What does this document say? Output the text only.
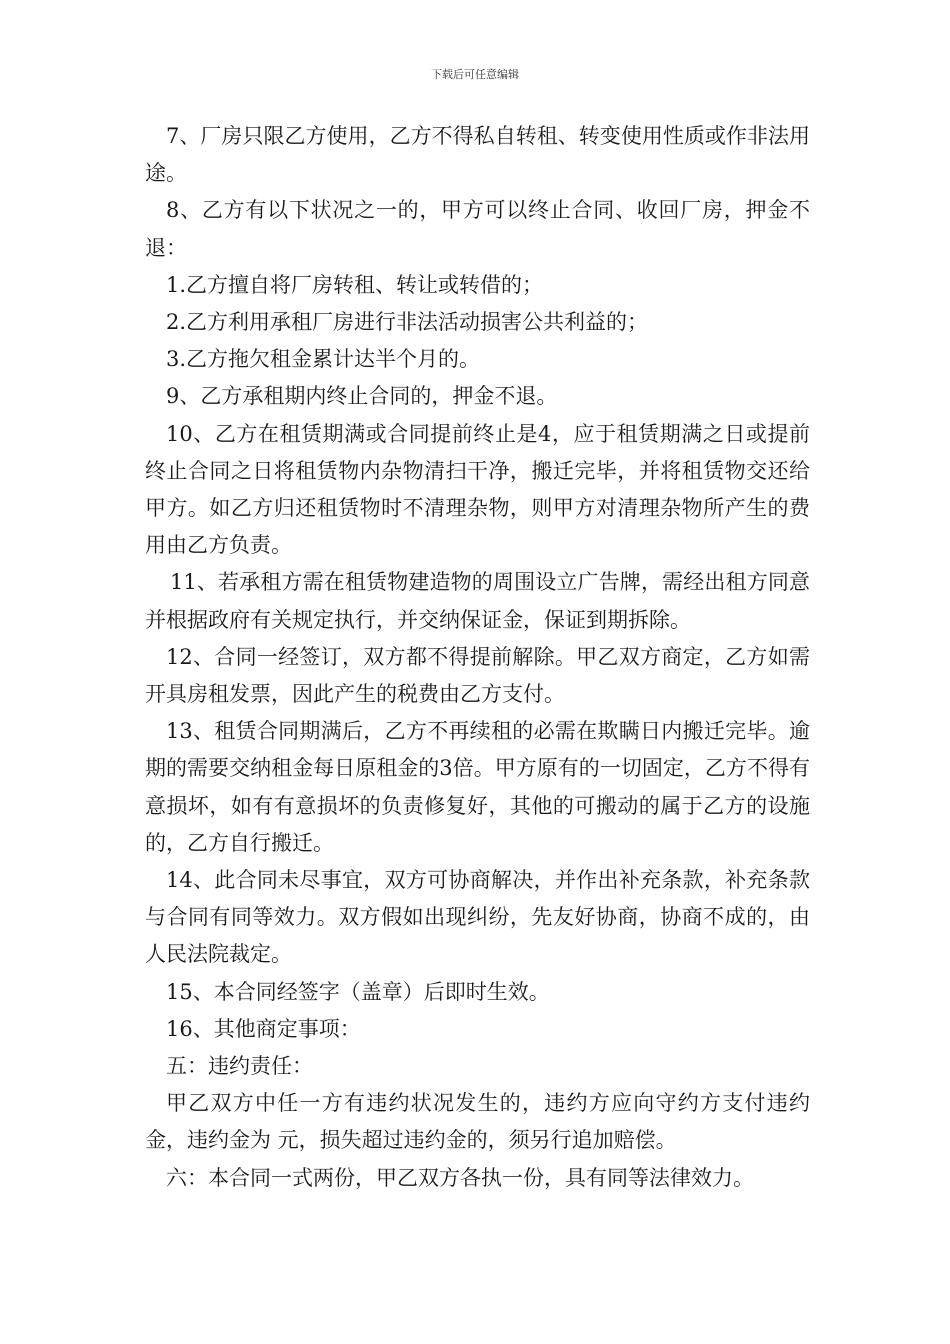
下载后可任意编辑

7、厂房只限乙方使用，乙方不得私自转租、转变使用性质或作非法用途。

8、乙方有以下状况之一的，甲方可以终止合同、收回厂房，押金不退：

1.乙方擅自将厂房转租、转让或转借的；

2.乙方利用承租厂房进行非法活动损害公共利益的；

3.乙方拖欠租金累计达半个月的。

9、乙方承租期内终止合同的，押金不退。

10、乙方在租赁期满或合同提前终止是4，应于租赁期满之日或提前终止合同之日将租赁物内杂物清扫干净，搬迁完毕，并将租赁物交还给甲方。如乙方归还租赁物时不清理杂物，则甲方对清理杂物所产生的费用由乙方负责。

11、若承租方需在租赁物建造物的周围设立广告牌，需经出租方同意并根据政府有关规定执行，并交纳保证金，保证到期拆除。

12、合同一经签订，双方都不得提前解除。甲乙双方商定，乙方如需开具房租发票，因此产生的税费由乙方支付。

13、租赁合同期满后，乙方不再续租的必需在欺瞒日内搬迁完毕。逾期的需要交纳租金每日原租金的3倍。甲方原有的一切固定，乙方不得有意损坏，如有有意损坏的负责修复好，其他的可搬动的属于乙方的设施的，乙方自行搬迁。

14、此合同未尽事宜，双方可协商解决，并作出补充条款，补充条款与合同有同等效力。双方假如出现纠纷，先友好协商，协商不成的，由人民法院裁定。

15、本合同经签字（盖章）后即时生效。

16、其他商定事项：

五：违约责任：

甲乙双方中任一方有违约状况发生的，违约方应向守约方支付违约金，违约金为 元，损失超过违约金的，须另行追加赔偿。

六：本合同一式两份，甲乙双方各执一份，具有同等法律效力。
